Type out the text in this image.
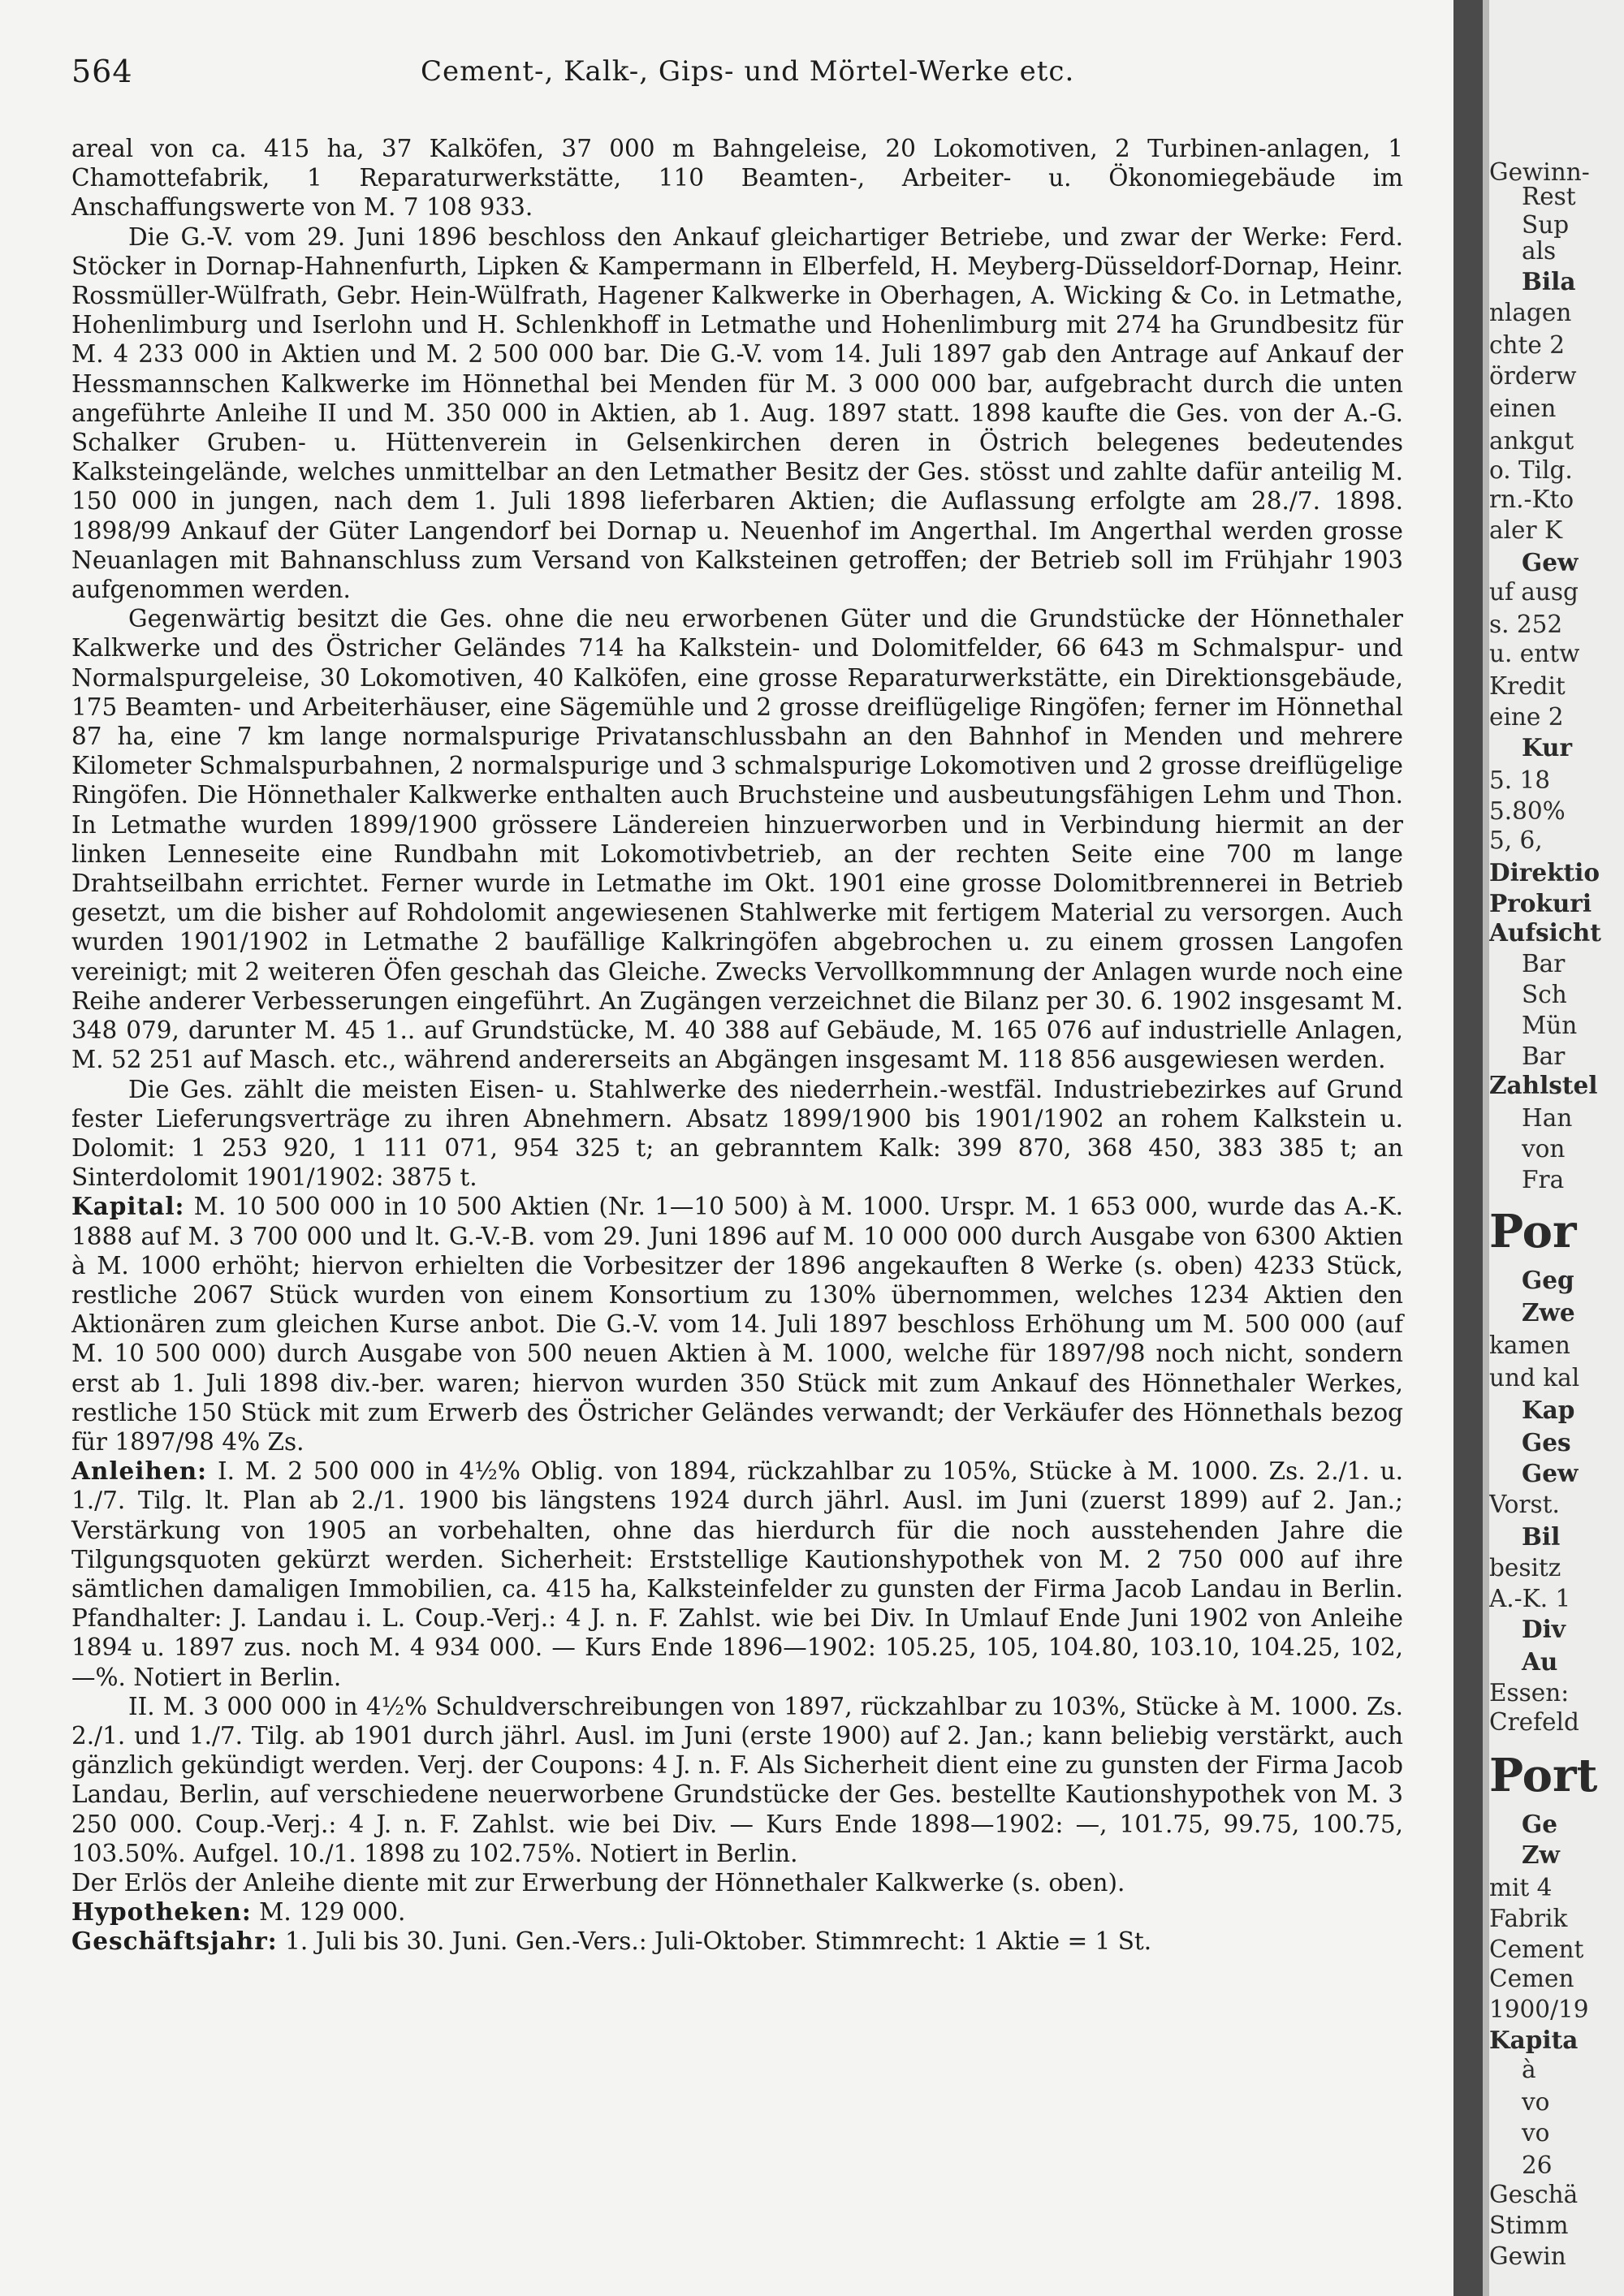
564	Cement-, Kalk-, Gips- und Mörtel-Werke etc.

areal von ca. 415 ha, 37 Kalköfen, 37 000 m Bahngeleise, 20 Lokomotiven, 2 Turbinen-anlagen, 1 Chamottefabrik, 1 Reparaturwerkstätte, 110 Beamten-, Arbeiter- u. Ökonomiegebäude im Anschaffungswerte von M. 7 108 933.

Die G.-V. vom 29. Juni 1896 beschloss den Ankauf gleichartiger Betriebe, und zwar der Werke: Ferd. Stöcker in Dornap-Hahnenfurth, Lipken & Kampermann in Elberfeld, H. Meyberg-Düsseldorf-Dornap, Heinr. Rossmüller-Wülfrath, Gebr. Hein-Wülfrath, Hagener Kalkwerke in Oberhagen, A. Wicking & Co. in Letmathe, Hohenlimburg und Iserlohn und H. Schlenkhoff in Letmathe und Hohenlimburg mit 274 ha Grundbesitz für M. 4 233 000 in Aktien und M. 2 500 000 bar. Die G.-V. vom 14. Juli 1897 gab den Antrage auf Ankauf der Hessmannschen Kalkwerke im Hönnethal bei Menden für M. 3 000 000 bar, aufgebracht durch die unten angeführte Anleihe II und M. 350 000 in Aktien, ab 1. Aug. 1897 statt. 1898 kaufte die Ges. von der A.-G. Schalker Gruben- u. Hüttenverein in Gelsenkirchen deren in Östrich belegenes bedeutendes Kalksteingelände, welches unmittelbar an den Letmather Besitz der Ges. stösst und zahlte dafür anteilig M. 150 000 in jungen, nach dem 1. Juli 1898 lieferbaren Aktien; die Auflassung erfolgte am 28./7. 1898. 1898/99 Ankauf der Güter Langendorf bei Dornap u. Neuenhof im Angerthal. Im Angerthal werden grosse Neuanlagen mit Bahnanschluss zum Versand von Kalksteinen getroffen; der Betrieb soll im Frühjahr 1903 aufgenommen werden.

Gegenwärtig besitzt die Ges. ohne die neu erworbenen Güter und die Grundstücke der Hönnethaler Kalkwerke und des Östricher Geländes 714 ha Kalkstein- und Dolomitfelder, 66 643 m Schmalspur- und Normalspurgeleise, 30 Lokomotiven, 40 Kalköfen, eine grosse Reparaturwerkstätte, ein Direktionsgebäude, 175 Beamten- und Arbeiterhäuser, eine Sägemühle und 2 grosse dreiflügelige Ringöfen; ferner im Hönnethal 87 ha, eine 7 km lange normalspurige Privatanschlussbahn an den Bahnhof in Menden und mehrere Kilometer Schmalspurbahnen, 2 normalspurige und 3 schmalspurige Lokomotiven und 2 grosse dreiflügelige Ringöfen. Die Hönnethaler Kalkwerke enthalten auch Bruchsteine und ausbeutungsfähigen Lehm und Thon. In Letmathe wurden 1899/1900 grössere Ländereien hinzuerworben und in Verbindung hiermit an der linken Lenneseite eine Rundbahn mit Lokomotivbetrieb, an der rechten Seite eine 700 m lange Drahtseilbahn errichtet. Ferner wurde in Letmathe im Okt. 1901 eine grosse Dolomitbrennerei in Betrieb gesetzt, um die bisher auf Rohdolomit angewiesenen Stahlwerke mit fertigem Material zu versorgen. Auch wurden 1901/1902 in Letmathe 2 baufällige Kalkringöfen abgebrochen u. zu einem grossen Langofen vereinigt; mit 2 weiteren Öfen geschah das Gleiche. Zwecks Vervollkommnung der Anlagen wurde noch eine Reihe anderer Verbesserungen eingeführt. An Zugängen verzeichnet die Bilanz per 30. 6. 1902 insgesamt M. 348 079, darunter M. 45 1.. auf Grundstücke, M. 40 388 auf Gebäude, M. 165 076 auf industrielle Anlagen, M. 52 251 auf Masch. etc., während andererseits an Abgängen insgesamt M. 118 856 ausgewiesen werden.

Die Ges. zählt die meisten Eisen- u. Stahlwerke des niederrhein.-westfäl. Industriebezirkes auf Grund fester Lieferungsverträge zu ihren Abnehmern. Absatz 1899/1900 bis 1901/1902 an rohem Kalkstein u. Dolomit: 1 253 920, 1 111 071, 954 325 t; an gebranntem Kalk: 399 870, 368 450, 383 385 t; an Sinterdolomit 1901/1902: 3875 t.

Kapital: M. 10 500 000 in 10 500 Aktien (Nr. 1—10 500) à M. 1000. Urspr. M. 1 653 000, wurde das A.-K. 1888 auf M. 3 700 000 und lt. G.-V.-B. vom 29. Juni 1896 auf M. 10 000 000 durch Ausgabe von 6300 Aktien à M. 1000 erhöht; hiervon erhielten die Vorbesitzer der 1896 angekauften 8 Werke (s. oben) 4233 Stück, restliche 2067 Stück wurden von einem Konsortium zu 130% übernommen, welches 1234 Aktien den Aktionären zum gleichen Kurse anbot. Die G.-V. vom 14. Juli 1897 beschloss Erhöhung um M. 500 000 (auf M. 10 500 000) durch Ausgabe von 500 neuen Aktien à M. 1000, welche für 1897/98 noch nicht, sondern erst ab 1. Juli 1898 div.-ber. waren; hiervon wurden 350 Stück mit zum Ankauf des Hönnethaler Werkes, restliche 150 Stück mit zum Erwerb des Östricher Geländes verwandt; der Verkäufer des Hönnethals bezog für 1897/98 4% Zs.

Anleihen: I. M. 2 500 000 in 4½% Oblig. von 1894, rückzahlbar zu 105%, Stücke à M. 1000. Zs. 2./1. u. 1./7. Tilg. lt. Plan ab 2./1. 1900 bis längstens 1924 durch jährl. Ausl. im Juni (zuerst 1899) auf 2. Jan.; Verstärkung von 1905 an vorbehalten, ohne das hierdurch für die noch ausstehenden Jahre die Tilgungsquoten gekürzt werden. Sicherheit: Erststellige Kautionshypothek von M. 2 750 000 auf ihre sämtlichen damaligen Immobilien, ca. 415 ha, Kalksteinfelder zu gunsten der Firma Jacob Landau in Berlin. Pfandhalter: J. Landau i. L. Coup.-Verj.: 4 J. n. F. Zahlst. wie bei Div. In Umlauf Ende Juni 1902 von Anleihe 1894 u. 1897 zus. noch M. 4 934 000. — Kurs Ende 1896—1902: 105.25, 105, 104.80, 103.10, 104.25, 102, —%. Notiert in Berlin.

II. M. 3 000 000 in 4½% Schuldverschreibungen von 1897, rückzahlbar zu 103%, Stücke à M. 1000. Zs. 2./1. und 1./7. Tilg. ab 1901 durch jährl. Ausl. im Juni (erste 1900) auf 2. Jan.; kann beliebig verstärkt, auch gänzlich gekündigt werden. Verj. der Coupons: 4 J. n. F. Als Sicherheit dient eine zu gunsten der Firma Jacob Landau, Berlin, auf verschiedene neuerworbene Grundstücke der Ges. bestellte Kautionshypothek von M. 3 250 000. Coup.-Verj.: 4 J. n. F. Zahlst. wie bei Div. — Kurs Ende 1898—1902: —, 101.75, 99.75, 100.75, 103.50%. Aufgel. 10./1. 1898 zu 102.75%. Notiert in Berlin.

Der Erlös der Anleihe diente mit zur Erwerbung der Hönnethaler Kalkwerke (s. oben).

Hypotheken: M. 129 000.

Geschäftsjahr: 1. Juli bis 30. Juni. Gen.-Vers.: Juli-Oktober. Stimmrecht: 1 Aktie = 1 St.

Gewinn-
Rest
Sup
als
Bila
nlagen
chte 2
örderw
einen
ankgut
o. Tilg.
rn.-Kto
aler K
Gew
uf ausg
s. 252
u. entw
Kredit
eine 2
Kur
5. 18
5.80%
5, 6,
Direktio
Prokuri
Aufsicht
Bar
Sch
Mün
Bar
Zahlstel
Han
von
Fra
Por
Geg
Zwe
kamen
und kal
Kap
Ges
Gew
Vorst.
Bil
besitz
A.-K. 1
Div
Au
Essen:
Crefeld
Port
Ge
Zw
mit 4
Fabrik
Cement
Cemen
1900/19
Kapita
à
vo
vo
26
Geschä
Stimm
Gewin
